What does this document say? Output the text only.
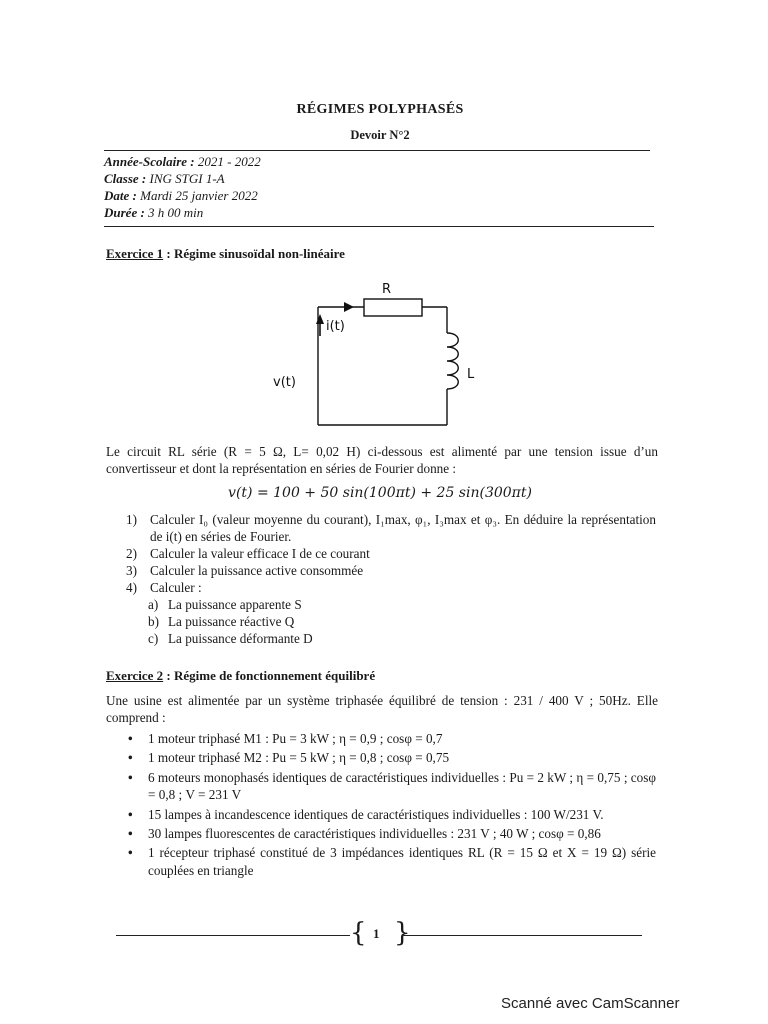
RÉGIMES POLYPHASÉS
Devoir N°2
Année-Scolaire : 2021 - 2022
Classe : ING STGI 1-A
Date : Mardi 25 janvier 2022
Durée : 3 h 00 min
Exercice 1 : Régime sinusoïdal non-linéaire
R
i(t)
v(t)
L
Le circuit RL série (R = 5 Ω, L= 0,02 H) ci-dessous est alimenté par une tension issue d’un convertisseur et dont la représentation en séries de Fourier donne :
v(t) = 100 + 50 sin(100πt) + 25 sin(300πt)
1) Calculer I₀ (valeur moyenne du courant), I₁max, φ₁, I₃max et φ₃. En déduire la représentation de i(t) en séries de Fourier.
2) Calculer la valeur efficace I de ce courant
3) Calculer la puissance active consommée
4) Calculer :
a) La puissance apparente S
b) La puissance réactive Q
c) La puissance déformante D
Exercice 2 : Régime de fonctionnement équilibré
Une usine est alimentée par un système triphasée équilibré de tension : 231 / 400 V ; 50Hz. Elle comprend :
• 1 moteur triphasé M1 : Pu = 3 kW ; η = 0,9 ; cosφ = 0,7
• 1 moteur triphasé M2 : Pu = 5 kW ; η = 0,8 ; cosφ = 0,75
• 6 moteurs monophasés identiques de caractéristiques individuelles : Pu = 2 kW ; η = 0,75 ; cosφ = 0,8 ; V = 231 V
• 15 lampes à incandescence identiques de caractéristiques individuelles : 100 W/231 V.
• 30 lampes fluorescentes de caractéristiques individuelles : 231 V ; 40 W ; cosφ = 0,86
• 1 récepteur triphasé constitué de 3 impédances identiques RL (R = 15 Ω et X = 19 Ω) série couplées en triangle
{ 1 }
Scanné avec CamScanner
